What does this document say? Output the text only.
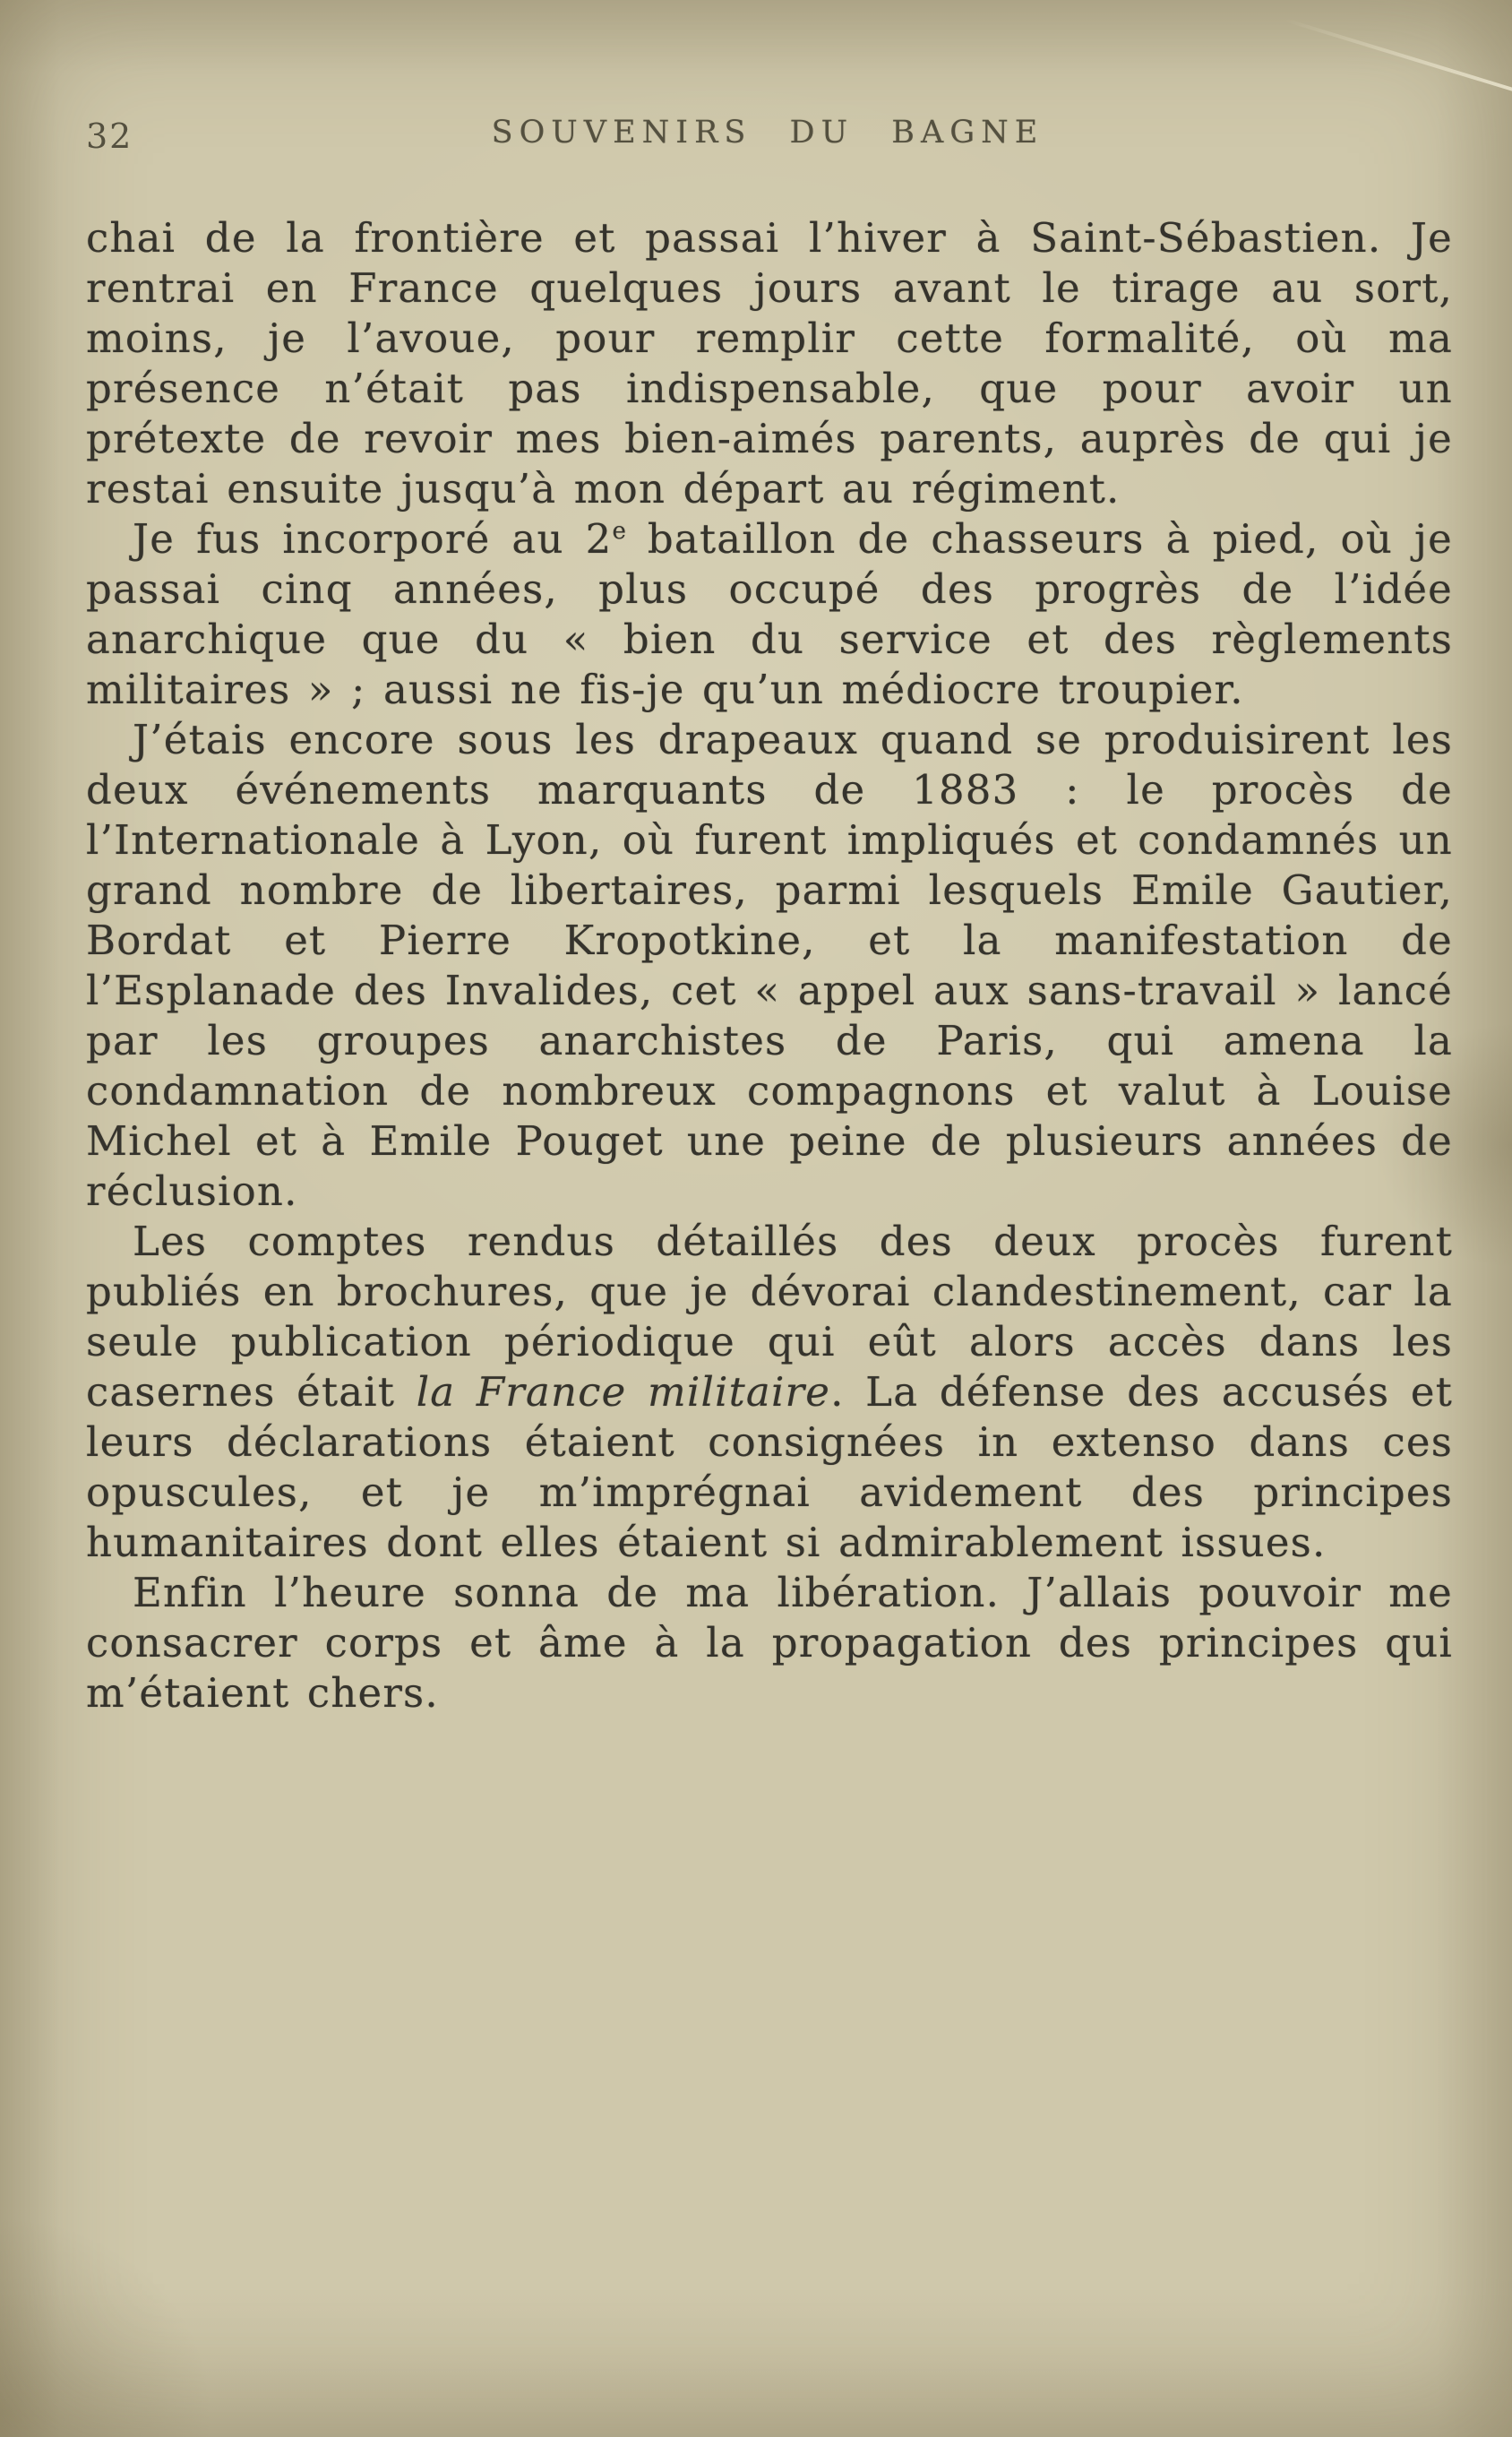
32	SOUVENIRS DU BAGNE

chai de la frontière et passai l’hiver à Saint-Sébastien. Je rentrai en France quelques jours avant le tirage au sort, moins, je l’avoue, pour remplir cette formalité, où ma présence n’était pas indispensable, que pour avoir un prétexte de revoir mes bien-aimés parents, auprès de qui je restai ensuite jusqu’à mon départ au régiment.

Je fus incorporé au 2e bataillon de chasseurs à pied, où je passai cinq années, plus occupé des progrès de l’idée anarchique que du « bien du service et des règlements militaires » ; aussi ne fis-je qu’un médiocre troupier.

J’étais encore sous les drapeaux quand se produisirent les deux événements marquants de 1883 : le procès de l’Internationale à Lyon, où furent impliqués et condamnés un grand nombre de libertaires, parmi lesquels Emile Gautier, Bordat et Pierre Kropotkine, et la manifestation de l’Esplanade des Invalides, cet « appel aux sans-travail » lancé par les groupes anarchistes de Paris, qui amena la condamnation de nombreux compagnons et valut à Louise Michel et à Emile Pouget une peine de plusieurs années de réclusion.

Les comptes rendus détaillés des deux procès furent publiés en brochures, que je dévorai clandestinement, car la seule publication périodique qui eût alors accès dans les casernes était la France militaire. La défense des accusés et leurs déclarations étaient consignées in extenso dans ces opuscules, et je m’imprégnai avidement des principes humanitaires dont elles étaient si admirablement issues.

Enfin l’heure sonna de ma libération. J’allais pouvoir me consacrer corps et âme à la propagation des principes qui m’étaient chers.
